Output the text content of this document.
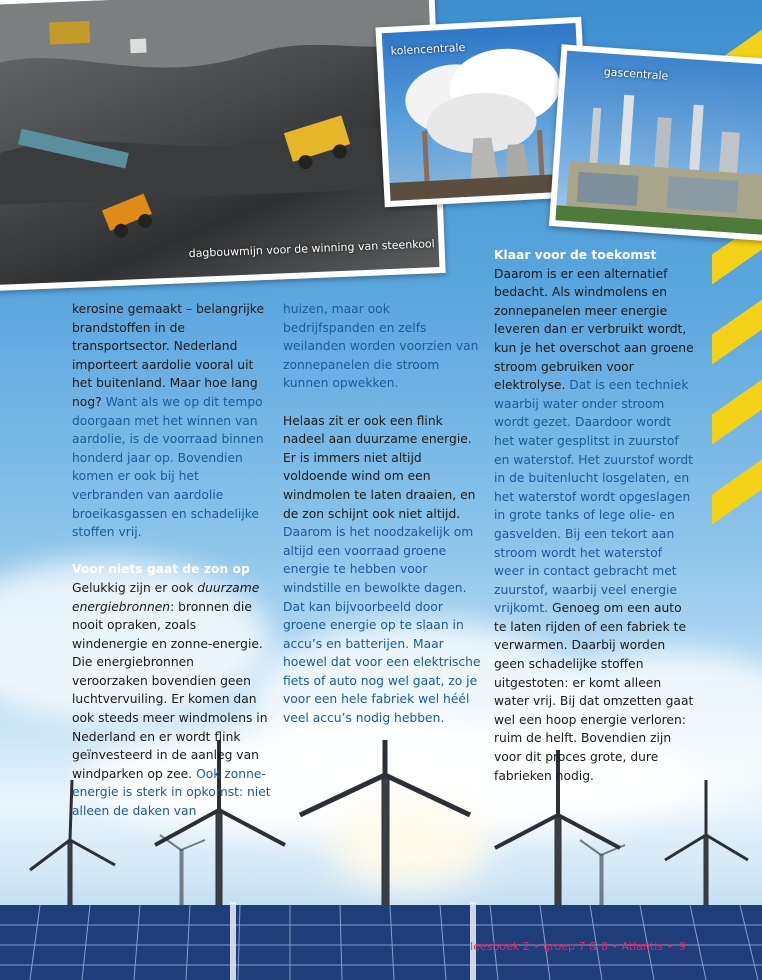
dagbouwmijn voor de winning van steenkool
kolencentrale
gascentrale

kerosine gemaakt – belangrijke brandstoffen in de transportsector. Nederland importeert aardolie vooral uit het buitenland. Maar hoe lang nog? Want als we op dit tempo doorgaan met het winnen van aardolie, is de voorraad binnen honderd jaar op. Bovendien komen er ook bij het verbranden van aardolie broeikasgassen en schadelijke stoffen vrij.

Voor niets gaat de zon op

Gelukkig zijn er ook duurzame energiebronnen: bronnen die nooit opraken, zoals windenergie en zonne-energie. Die energiebronnen veroorzaken bovendien geen luchtvervuiling. Er komen dan ook steeds meer windmolens in Nederland en er wordt flink geïnvesteerd in de aanleg van windparken op zee. Ook zonne-energie is sterk in opkomst: niet alleen de daken van

huizen, maar ook bedrijfspanden en zelfs weilanden worden voorzien van zonnepanelen die stroom kunnen opwekken.

Helaas zit er ook een flink nadeel aan duurzame energie. Er is immers niet altijd voldoende wind om een windmolen te laten draaien, en de zon schijnt ook niet altijd. Daarom is het noodzakelijk om altijd een voorraad groene energie te hebben voor windstille en bewolkte dagen. Dat kan bijvoorbeeld door groene energie op te slaan in accu’s en batterijen. Maar hoewel dat voor een elektrische fiets of auto nog wel gaat, zo je voor een hele fabriek wel héél veel accu’s nodig hebben.

Klaar voor de toekomst

Daarom is er een alternatief bedacht. Als windmolens en zonnepanelen meer energie leveren dan er verbruikt wordt, kun je het overschot aan groene stroom gebruiken voor elektrolyse. Dat is een techniek waarbij water onder stroom wordt gezet. Daardoor wordt het water gesplitst in zuurstof en waterstof. Het zuurstof wordt in de buitenlucht losgelaten, en het waterstof wordt opgeslagen in grote tanks of lege olie- en gasvelden. Bij een tekort aan stroom wordt het waterstof weer in contact gebracht met zuurstof, waarbij veel energie vrijkomt. Genoeg om een auto te laten rijden of een fabriek te verwarmen. Daarbij worden geen schadelijke stoffen uitgestoten: er komt alleen water vrij. Bij dat omzetten gaat wel een hoop energie verloren: ruim de helft. Bovendien zijn voor dit proces grote, dure fabrieken nodig.

leesboek 2 • groep 7 & 8 • Atlantis • 9
